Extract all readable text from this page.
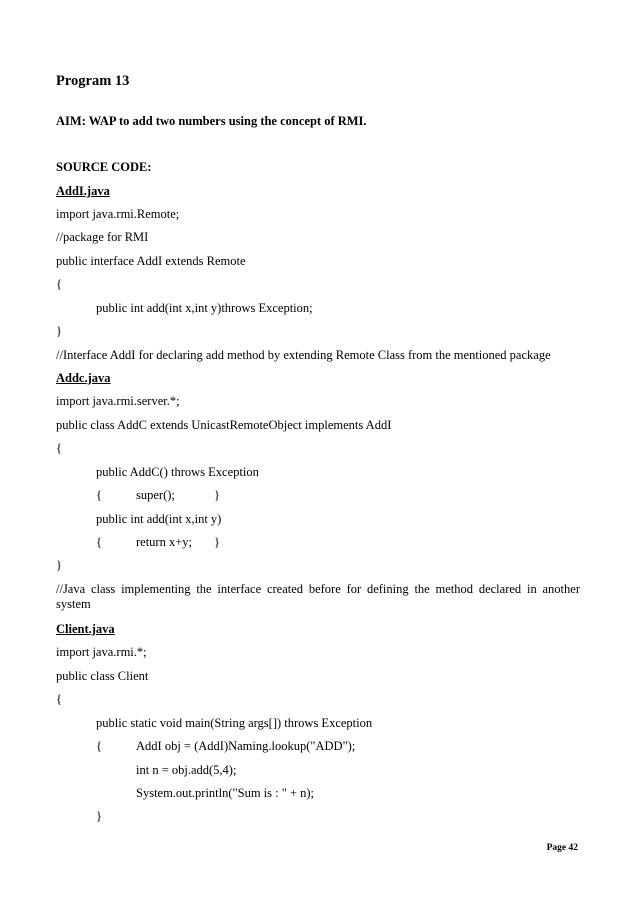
Program 13
AIM: WAP to add two numbers using the concept of RMI.
SOURCE CODE:
AddI.java
import java.rmi.Remote;
//package for RMI
public interface AddI extends Remote
{
public int add(int x,int y)throws Exception;
}
//Interface AddI for declaring add method by extending Remote Class from the mentioned package
Addc.java
import java.rmi.server.*;
public class AddC extends UnicastRemoteObject implements AddI
{
public AddC() throws Exception
{	super();	}
public int add(int x,int y)
{	return x+y; }
}
//Java class implementing the interface created before for defining the method declared in another system
Client.java
import java.rmi.*;
public class Client
{
public static void main(String args[]) throws Exception
{	AddI obj = (AddI)Naming.lookup("ADD");
int n = obj.add(5,4);
System.out.println("Sum is : " + n);
}
Page 42
